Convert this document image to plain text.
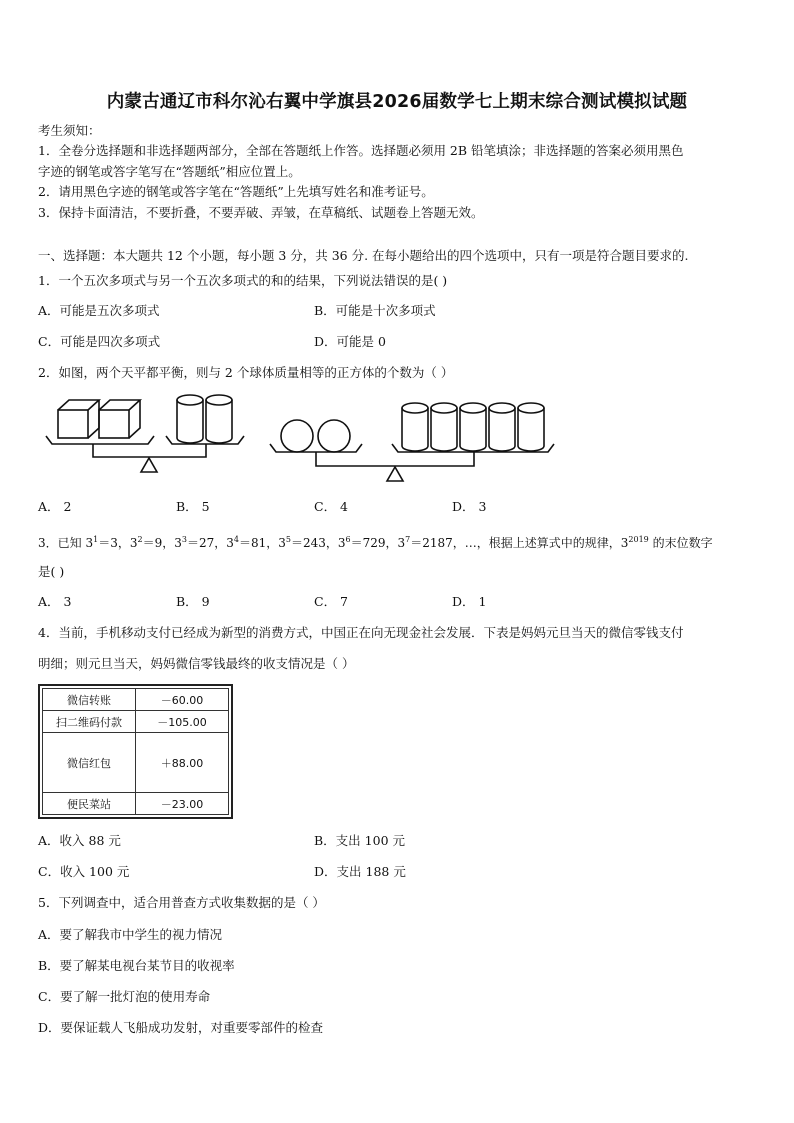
内蒙古通辽市科尔沁右翼中学旗县2026届数学七上期末综合测试模拟试题
考生须知：
1．全卷分选择题和非选择题两部分，全部在答题纸上作答。选择题必须用 2B 铅笔填涂；非选择题的答案必须用黑色
字迹的钢笔或答字笔写在“答题纸”相应位置上。
2．请用黑色字迹的钢笔或答字笔在“答题纸”上先填写姓名和准考证号。
3．保持卡面清洁，不要折叠，不要弄破、弄皱，在草稿纸、试题卷上答题无效。
一、选择题：本大题共 12 个小题，每小题 3 分，共 36 分. 在每小题给出的四个选项中，只有一项是符合题目要求的.
1．一个五次多项式与另一个五次多项式的和的结果，下列说法错误的是( )
A．可能是五次多项式	B．可能是十次多项式
C．可能是四次多项式	D．可能是 0
2．如图，两个天平都平衡，则与 2 个球体质量相等的正方体的个数为（ ）
A． 2	B． 5	C． 4	D． 3
3．已知 $3^1=3$，$3^2=9$，$3^3=27$，$3^4=81$，$3^5=243$，$3^6=729$，$3^7=2187$，…，根据上述算式中的规律，$3^{2019}$ 的末位数字
是( )
A． 3	B． 9	C． 7	D． 1
4．当前，手机移动支付已经成为新型的消费方式，中国正在向无现金社会发展．下表是妈妈元旦当天的微信零钱支付
明细；则元旦当天，妈妈微信零钱最终的收支情况是（ ）
微信转账	－60.00
扫二维码付款	－105.00
微信红包	＋88.00
便民菜站	－23.00
A．收入 88 元	B．支出 100 元
C．收入 100 元	D．支出 188 元
5．下列调查中，适合用普查方式收集数据的是（ ）
A．要了解我市中学生的视力情况
B．要了解某电视台某节目的收视率
C．要了解一批灯泡的使用寿命
D．要保证载人飞船成功发射，对重要零部件的检查
